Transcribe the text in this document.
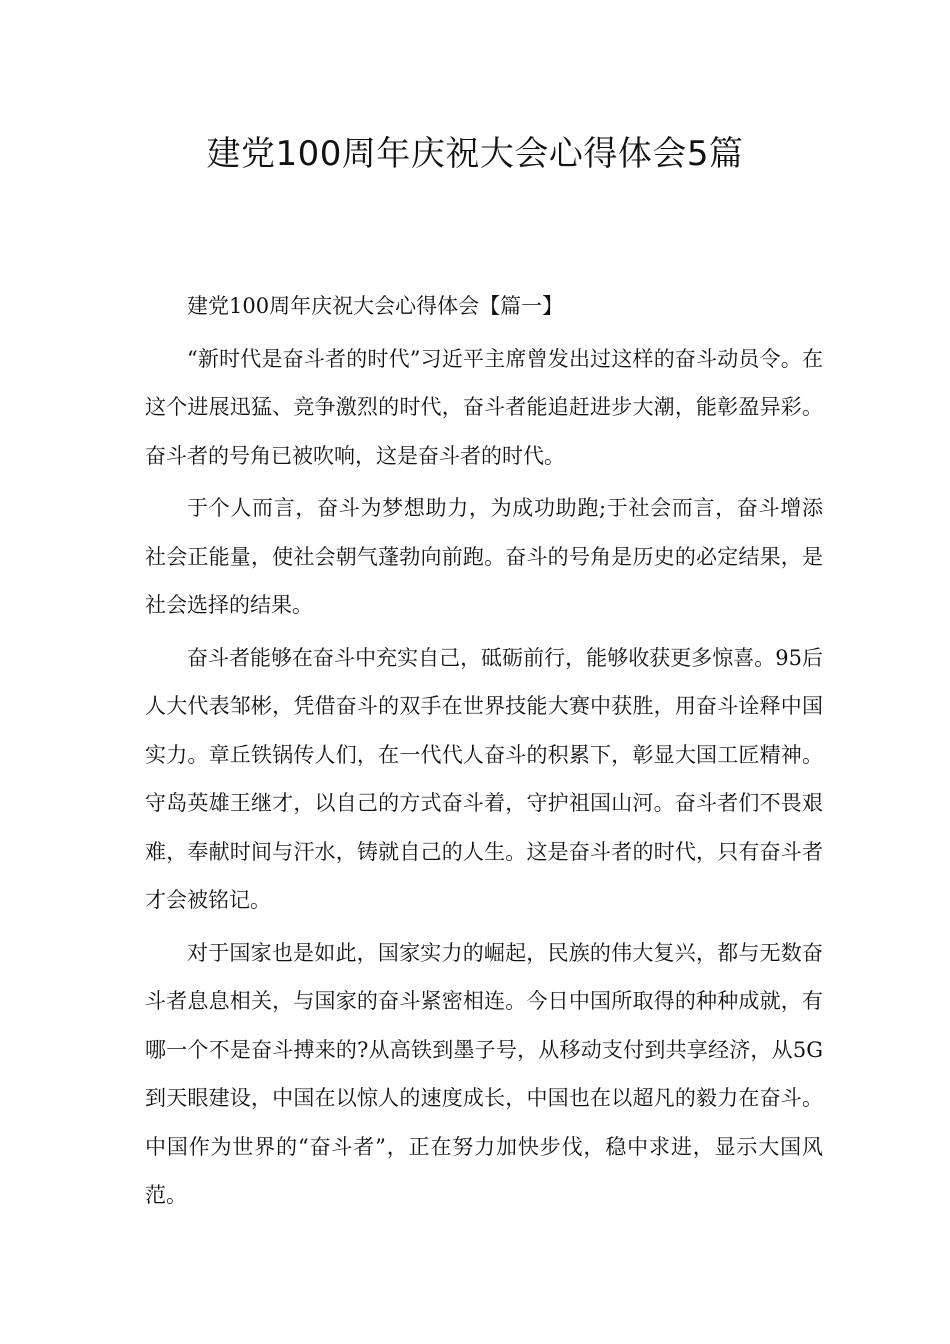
建党100周年庆祝大会心得体会5篇

建党100周年庆祝大会心得体会【篇一】

“新时代是奋斗者的时代”习近平主席曾发出过这样的奋斗动员令。在这个进展迅猛、竞争激烈的时代，奋斗者能追赶进步大潮，能彰盈异彩。奋斗者的号角已被吹响，这是奋斗者的时代。

于个人而言，奋斗为梦想助力，为成功助跑;于社会而言，奋斗增添社会正能量，使社会朝气蓬勃向前跑。奋斗的号角是历史的必定结果，是社会选择的结果。

奋斗者能够在奋斗中充实自己，砥砺前行，能够收获更多惊喜。95后人大代表邹彬，凭借奋斗的双手在世界技能大赛中获胜，用奋斗诠释中国实力。章丘铁锅传人们，在一代代人奋斗的积累下，彰显大国工匠精神。守岛英雄王继才，以自己的方式奋斗着，守护祖国山河。奋斗者们不畏艰难，奉献时间与汗水，铸就自己的人生。这是奋斗者的时代，只有奋斗者才会被铭记。

对于国家也是如此，国家实力的崛起，民族的伟大复兴，都与无数奋斗者息息相关，与国家的奋斗紧密相连。今日中国所取得的种种成就，有哪一个不是奋斗搏来的?从高铁到墨子号，从移动支付到共享经济，从5G到天眼建设，中国在以惊人的速度成长，中国也在以超凡的毅力在奋斗。中国作为世界的“奋斗者”，正在努力加快步伐，稳中求进，显示大国风范。
